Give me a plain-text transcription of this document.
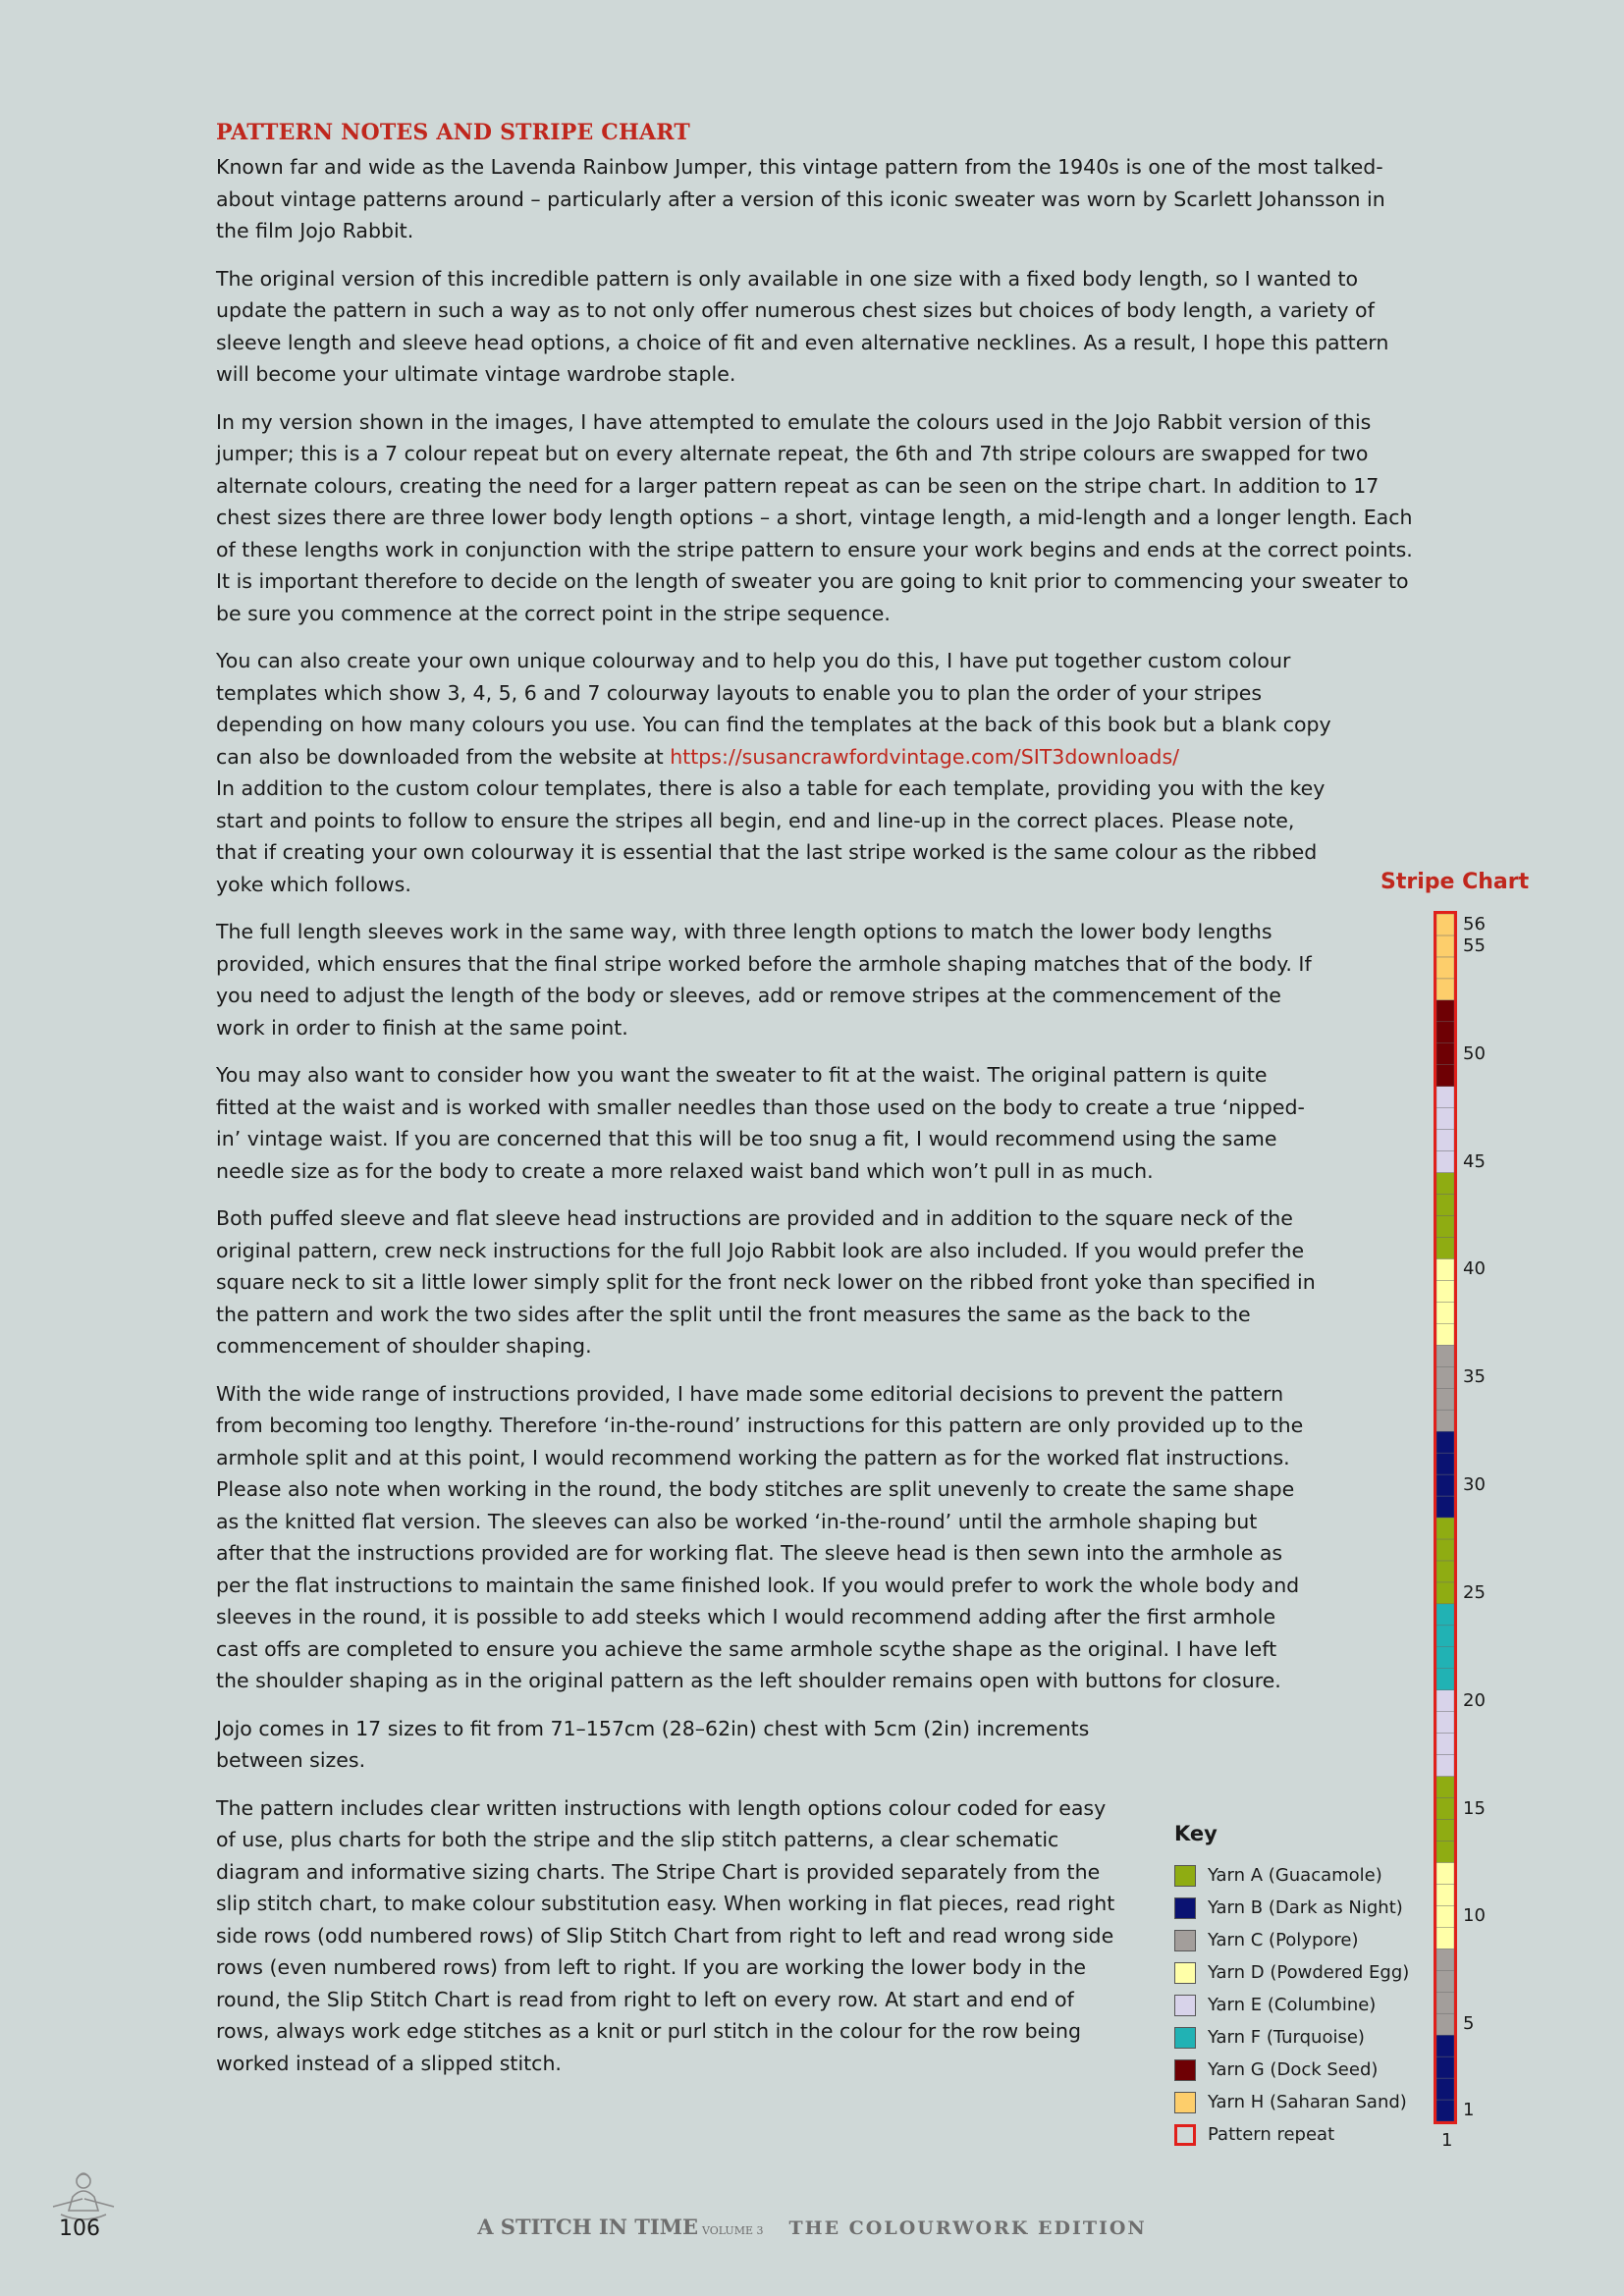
PATTERN NOTES AND STRIPE CHART

Known far and wide as the Lavenda Rainbow Jumper, this vintage pattern from the 1940s is one of the most talked-about vintage patterns around – particularly after a version of this iconic sweater was worn by Scarlett Johansson in the film Jojo Rabbit.

The original version of this incredible pattern is only available in one size with a fixed body length, so I wanted to update the pattern in such a way as to not only offer numerous chest sizes but choices of body length, a variety of sleeve length and sleeve head options, a choice of fit and even alternative necklines. As a result, I hope this pattern will become your ultimate vintage wardrobe staple.

In my version shown in the images, I have attempted to emulate the colours used in the Jojo Rabbit version of this jumper; this is a 7 colour repeat but on every alternate repeat, the 6th and 7th stripe colours are swapped for two alternate colours, creating the need for a larger pattern repeat as can be seen on the stripe chart. In addition to 17 chest sizes there are three lower body length options – a short, vintage length, a mid-length and a longer length. Each of these lengths work in conjunction with the stripe pattern to ensure your work begins and ends at the correct points. It is important therefore to decide on the length of sweater you are going to knit prior to commencing your sweater to be sure you commence at the correct point in the stripe sequence.

You can also create your own unique colourway and to help you do this, I have put together custom colour templates which show 3, 4, 5, 6 and 7 colourway layouts to enable you to plan the order of your stripes depending on how many colours you use. You can find the templates at the back of this book but a blank copy can also be downloaded from the website at https://susancrawfordvintage.com/SIT3downloads/

In addition to the custom colour templates, there is also a table for each template, providing you with the key start and points to follow to ensure the stripes all begin, end and line-up in the correct places. Please note, that if creating your own colourway it is essential that the last stripe worked is the same colour as the ribbed yoke which follows.

The full length sleeves work in the same way, with three length options to match the lower body lengths provided, which ensures that the final stripe worked before the armhole shaping matches that of the body. If you need to adjust the length of the body or sleeves, add or remove stripes at the commencement of the work in order to finish at the same point.

You may also want to consider how you want the sweater to fit at the waist. The original pattern is quite fitted at the waist and is worked with smaller needles than those used on the body to create a true ‘nipped-in’ vintage waist. If you are concerned that this will be too snug a fit, I would recommend using the same needle size as for the body to create a more relaxed waist band which won’t pull in as much.

Both puffed sleeve and flat sleeve head instructions are provided and in addition to the square neck of the original pattern, crew neck instructions for the full Jojo Rabbit look are also included. If you would prefer the square neck to sit a little lower simply split for the front neck lower on the ribbed front yoke than specified in the pattern and work the two sides after the split until the front measures the same as the back to the commencement of shoulder shaping.

With the wide range of instructions provided, I have made some editorial decisions to prevent the pattern from becoming too lengthy. Therefore ‘in-the-round’ instructions for this pattern are only provided up to the armhole split and at this point, I would recommend working the pattern as for the worked flat instructions. Please also note when working in the round, the body stitches are split unevenly to create the same shape as the knitted flat version. The sleeves can also be worked ‘in-the-round’ until the armhole shaping but after that the instructions provided are for working flat. The sleeve head is then sewn into the armhole as per the flat instructions to maintain the same finished look. If you would prefer to work the whole body and sleeves in the round, it is possible to add steeks which I would recommend adding after the first armhole cast offs are completed to ensure you achieve the same armhole scythe shape as the original. I have left the shoulder shaping as in the original pattern as the left shoulder remains open with buttons for closure.

Jojo comes in 17 sizes to fit from 71–157cm (28–62in) chest with 5cm (2in) increments between sizes.

The pattern includes clear written instructions with length options colour coded for easy of use, plus charts for both the stripe and the slip stitch patterns, a clear schematic diagram and informative sizing charts. The Stripe Chart is provided separately from the slip stitch chart, to make colour substitution easy. When working in flat pieces, read right side rows (odd numbered rows) of Slip Stitch Chart from right to left and read wrong side rows (even numbered rows) from left to right. If you are working the lower body in the round, the Slip Stitch Chart is read from right to left on every row. At start and end of rows, always work edge stitches as a knit or purl stitch in the colour for the row being worked instead of a slipped stitch.

Stripe Chart
56
55
50
45
40
35
30
25
20
15
10
5
1
1
Key
Yarn A (Guacamole)
Yarn B (Dark as Night)
Yarn C (Polypore)
Yarn D (Powdered Egg)
Yarn E (Columbine)
Yarn F (Turquoise)
Yarn G (Dock Seed)
Yarn H (Saharan Sand)
Pattern repeat
106	A STITCH IN TIME VOLUME 3 THE COLOURWORK EDITION
